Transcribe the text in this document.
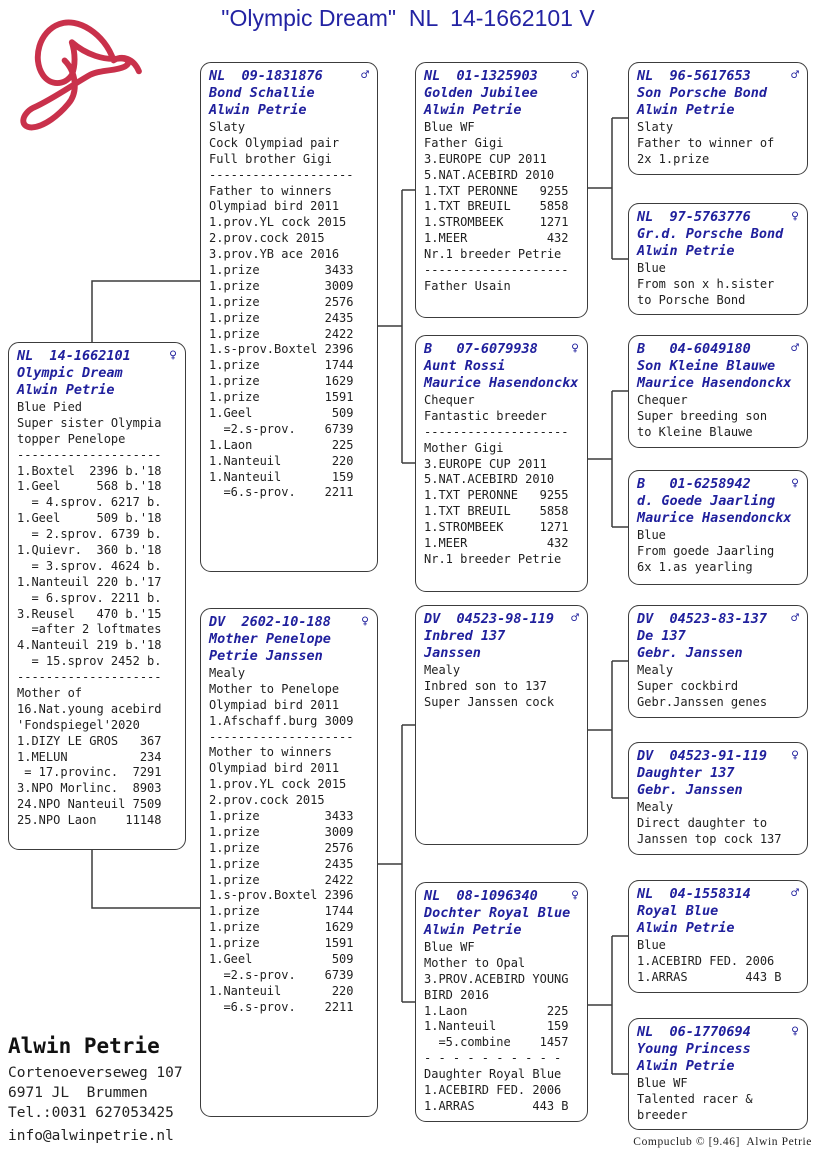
"Olympic Dream"  NL  14-1662101 V
NL  14-1662101	♀
Olympic Dream
Alwin Petrie
Blue Pied
Super sister Olympia
topper Penelope
--------------------
1.Boxtel  2396 b.'18
1.Geel     568 b.'18
= 4.sprov. 6217 b.
1.Geel     509 b.'18
= 2.sprov. 6739 b.
1.Quievr.  360 b.'18
= 3.sprov. 4624 b.
1.Nanteuil 220 b.'17
= 6.sprov. 2211 b.
3.Reusel   470 b.'15
=after 2 loftmates
4.Nanteuil 219 b.'18
= 15.sprov 2452 b.
--------------------
Mother of
16.Nat.young acebird
'Fondspiegel'2020
1.DIZY LE GROS   367
1.MELUN          234
= 17.provinc.  7291
3.NPO Morlinc.  8903
24.NPO Nanteuil 7509
25.NPO Laon    11148
NL  09-1831876	♂
Bond Schallie
Alwin Petrie
Slaty
Cock Olympiad pair
Full brother Gigi
--------------------
Father to winners
Olympiad bird 2011
1.prov.YL cock 2015
2.prov.cock 2015
3.prov.YB ace 2016
1.prize         3433
1.prize         3009
1.prize         2576
1.prize         2435
1.prize         2422
1.s-prov.Boxtel 2396
1.prize         1744
1.prize         1629
1.prize         1591
1.Geel           509
=2.s-prov.    6739
1.Laon           225
1.Nanteuil       220
1.Nanteuil       159
=6.s-prov.    2211
DV  2602-10-188 ♀
Mother Penelope
Petrie Janssen
Mealy
Mother to Penelope
Olympiad bird 2011
1.Afschaff.burg 3009
--------------------
Mother to winners
Olympiad bird 2011
1.prov.YL cock 2015
2.prov.cock 2015
1.prize         3433
1.prize         3009
1.prize         2576
1.prize         2435
1.prize         2422
1.s-prov.Boxtel 2396
1.prize         1744
1.prize         1629
1.prize         1591
1.Geel           509
=2.s-prov.    6739
1.Nanteuil       220
=6.s-prov.    2211
NL  01-1325903	♂
Golden Jubilee
Alwin Petrie
Blue WF
Father Gigi
3.EUROPE CUP 2011
5.NAT.ACEBIRD 2010
1.TXT PERONNE   9255
1.TXT BREUIL    5858
1.STROMBEEK     1271
1.MEER           432
Nr.1 breeder Petrie
--------------------
Father Usain
B   07-6079938	♀
Aunt Rossi
Maurice Hasendonckx
Chequer
Fantastic breeder
--------------------
Mother Gigi
3.EUROPE CUP 2011
5.NAT.ACEBIRD 2010
1.TXT PERONNE   9255
1.TXT BREUIL    5858
1.STROMBEEK     1271
1.MEER           432
Nr.1 breeder Petrie
DV  04523-98-119 ♂
Inbred 137
Janssen
Mealy
Inbred son to 137
Super Janssen cock
NL  08-1096340	♀
Dochter Royal Blue
Alwin Petrie
Blue WF
Mother to Opal
3.PROV.ACEBIRD YOUNG
BIRD 2016
1.Laon           225
1.Nanteuil       159
=5.combine    1457
- - - - - - - - - -
Daughter Royal Blue
1.ACEBIRD FED. 2006
1.ARRAS        443 B
NL  96-5617653	♂
Son Porsche Bond
Alwin Petrie
Slaty
Father to winner of
2x 1.prize
NL  97-5763776	♀
Gr.d. Porsche Bond
Alwin Petrie
Blue
From son x h.sister
to Porsche Bond
B   04-6049180	♂
Son Kleine Blauwe
Maurice Hasendonckx
Chequer
Super breeding son
to Kleine Blauwe
B   01-6258942	♀
d. Goede Jaarling
Maurice Hasendonckx
Blue
From goede Jaarling
6x 1.as yearling
DV  04523-83-137 ♂
De 137
Gebr. Janssen
Mealy
Super cockbird
Gebr.Janssen genes
DV  04523-91-119 ♀
Daughter 137
Gebr. Janssen
Mealy
Direct daughter to
Janssen top cock 137
NL  04-1558314	♂
Royal Blue
Alwin Petrie
Blue
1.ACEBIRD FED. 2006
1.ARRAS        443 B
NL  06-1770694	♀
Young Princess
Alwin Petrie
Blue WF
Talented racer &
breeder
Alwin Petrie
Cortenoeverseweg 107
6971 JL  Brummen
Tel.:0031 627053425
info@alwinpetrie.nl	Compuclub © [9.46]  Alwin Petrie
